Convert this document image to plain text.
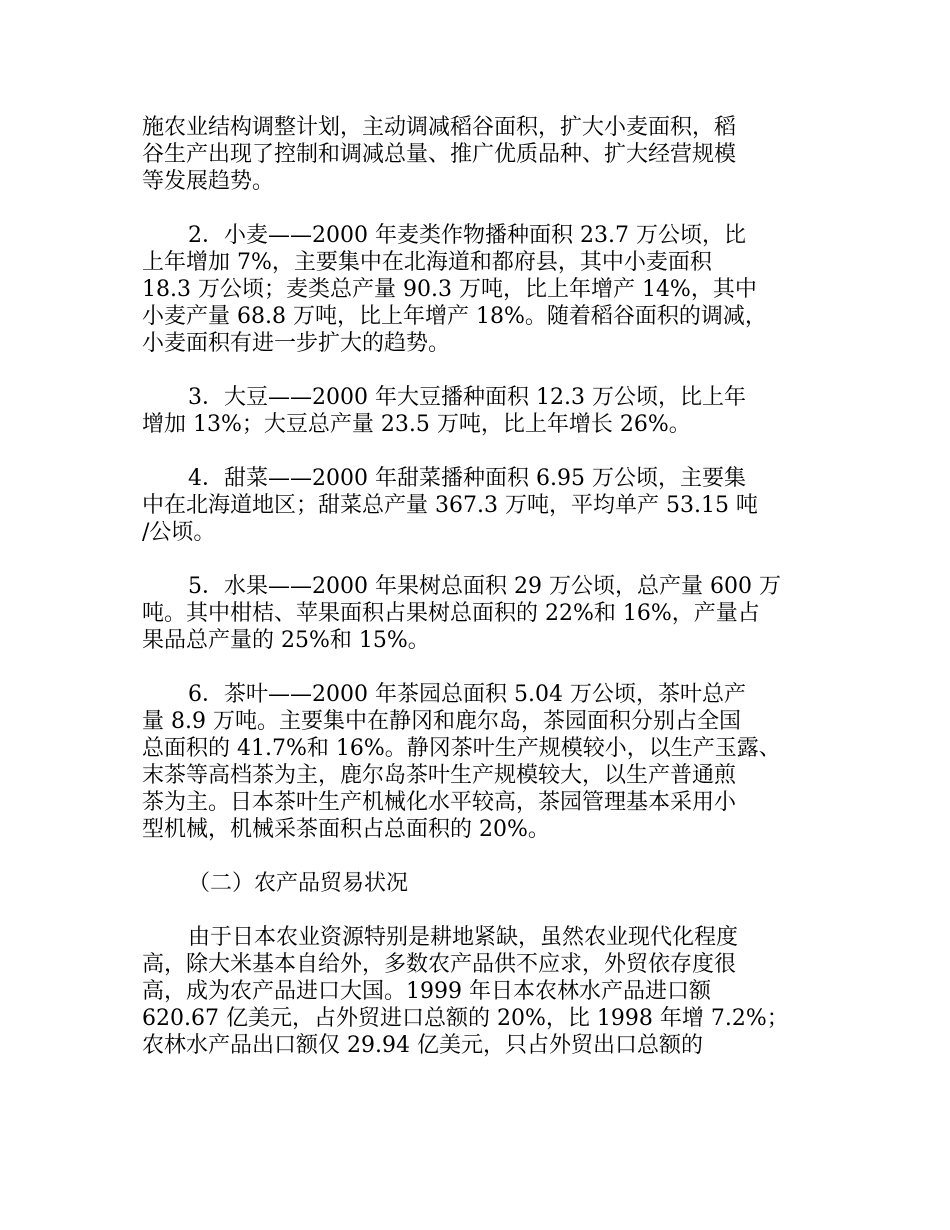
施农业结构调整计划，主动调减稻谷面积，扩大小麦面积，稻
谷生产出现了控制和调减总量、推广优质品种、扩大经营规模
等发展趋势。
2．小麦——2000 年麦类作物播种面积 23.7 万公顷，比
上年增加 7%，主要集中在北海道和都府县，其中小麦面积
18.3 万公顷；麦类总产量 90.3 万吨，比上年增产 14%，其中
小麦产量 68.8 万吨，比上年增产 18%。随着稻谷面积的调减，
小麦面积有进一步扩大的趋势。
3．大豆——2000 年大豆播种面积 12.3 万公顷，比上年
增加 13%；大豆总产量 23.5 万吨，比上年增长 26%。
4．甜菜——2000 年甜菜播种面积 6.95 万公顷，主要集
中在北海道地区；甜菜总产量 367.3 万吨，平均单产 53.15 吨
/公顷。
5．水果——2000 年果树总面积 29 万公顷，总产量 600 万
吨。其中柑桔、苹果面积占果树总面积的 22%和 16%，产量占
果品总产量的 25%和 15%。
6．茶叶——2000 年茶园总面积 5.04 万公顷，茶叶总产
量 8.9 万吨。主要集中在静冈和鹿尔岛，茶园面积分别占全国
总面积的 41.7%和 16%。静冈茶叶生产规模较小，以生产玉露、
末茶等高档茶为主，鹿尔岛茶叶生产规模较大，以生产普通煎
茶为主。日本茶叶生产机械化水平较高，茶园管理基本采用小
型机械，机械采茶面积占总面积的 20%。
（二）农产品贸易状况
由于日本农业资源特别是耕地紧缺，虽然农业现代化程度
高，除大米基本自给外，多数农产品供不应求，外贸依存度很
高，成为农产品进口大国。1999 年日本农林水产品进口额
620.67 亿美元，占外贸进口总额的 20%，比 1998 年增 7.2%；
农林水产品出口额仅 29.94 亿美元，只占外贸出口总额的
